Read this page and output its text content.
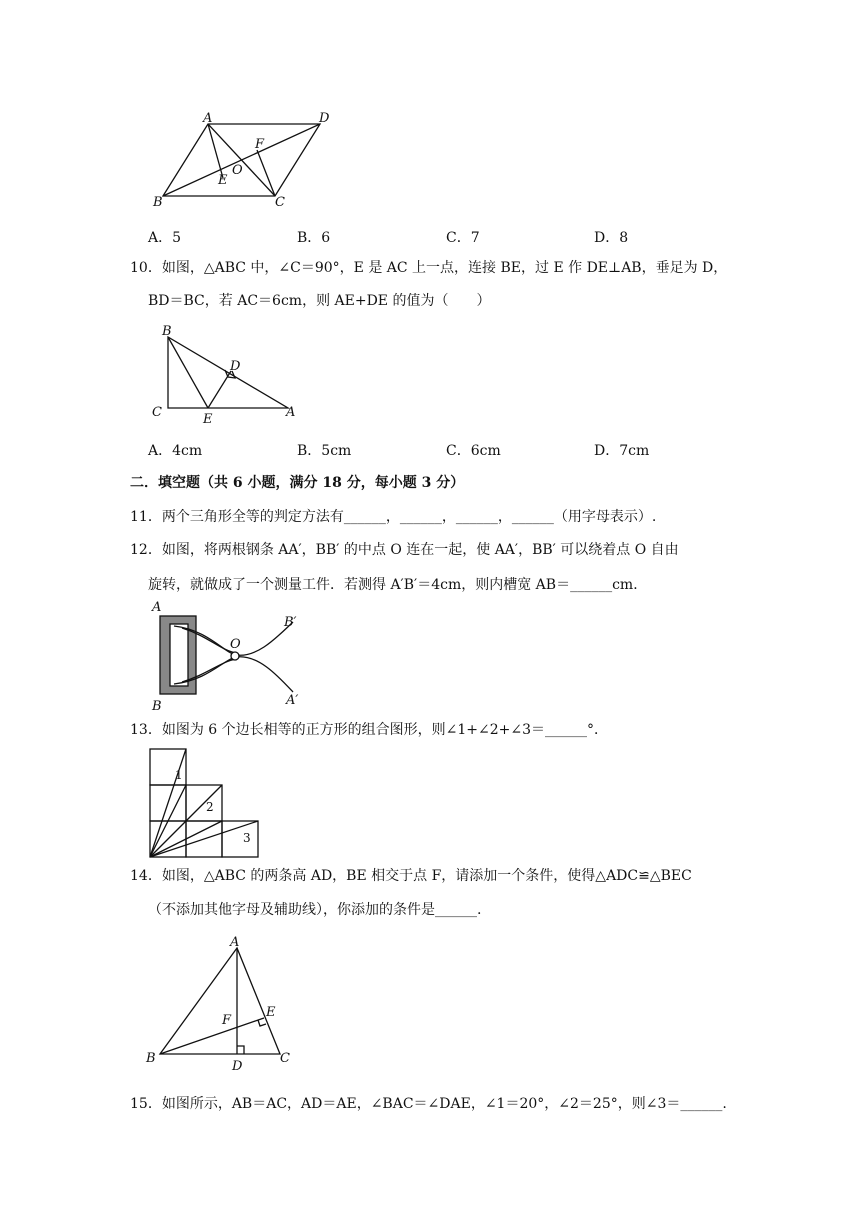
A	D
B	C
F
O
E
A．5	B．6	C．7	D．8
10．如图，△ABC 中，∠C＝90°，E 是 AC 上一点，连接 BE，过 E 作 DE⊥AB，垂足为 D，
BD＝BC，若 AC＝6cm，则 AE+DE 的值为（　　）
B
D
C	E	A
A．4cm	B．5cm	C．6cm	D．7cm
二．填空题（共 6 小题，满分 18 分，每小题 3 分）
11．两个三角形全等的判定方法有______，______，______，______（用字母表示）.
12．如图，将两根钢条 AA′，BB′ 的中点 O 连在一起，使 AA′，BB′ 可以绕着点 O 自由
旋转，就做成了一个测量工件．若测得 A′B′＝4cm，则内槽宽 AB＝______cm．
A
B
O
B′
A′
13．如图为 6 个边长相等的正方形的组合图形，则∠1+∠2+∠3＝______°．
1
2
3
14．如图，△ABC 的两条高 AD，BE 相交于点 F，请添加一个条件，使得△ADC≌△BEC
（不添加其他字母及辅助线），你添加的条件是______.
A
E
F
B
D
C
15．如图所示，AB＝AC，AD＝AE，∠BAC＝∠DAE，∠1＝20°，∠2＝25°，则∠3＝______.
